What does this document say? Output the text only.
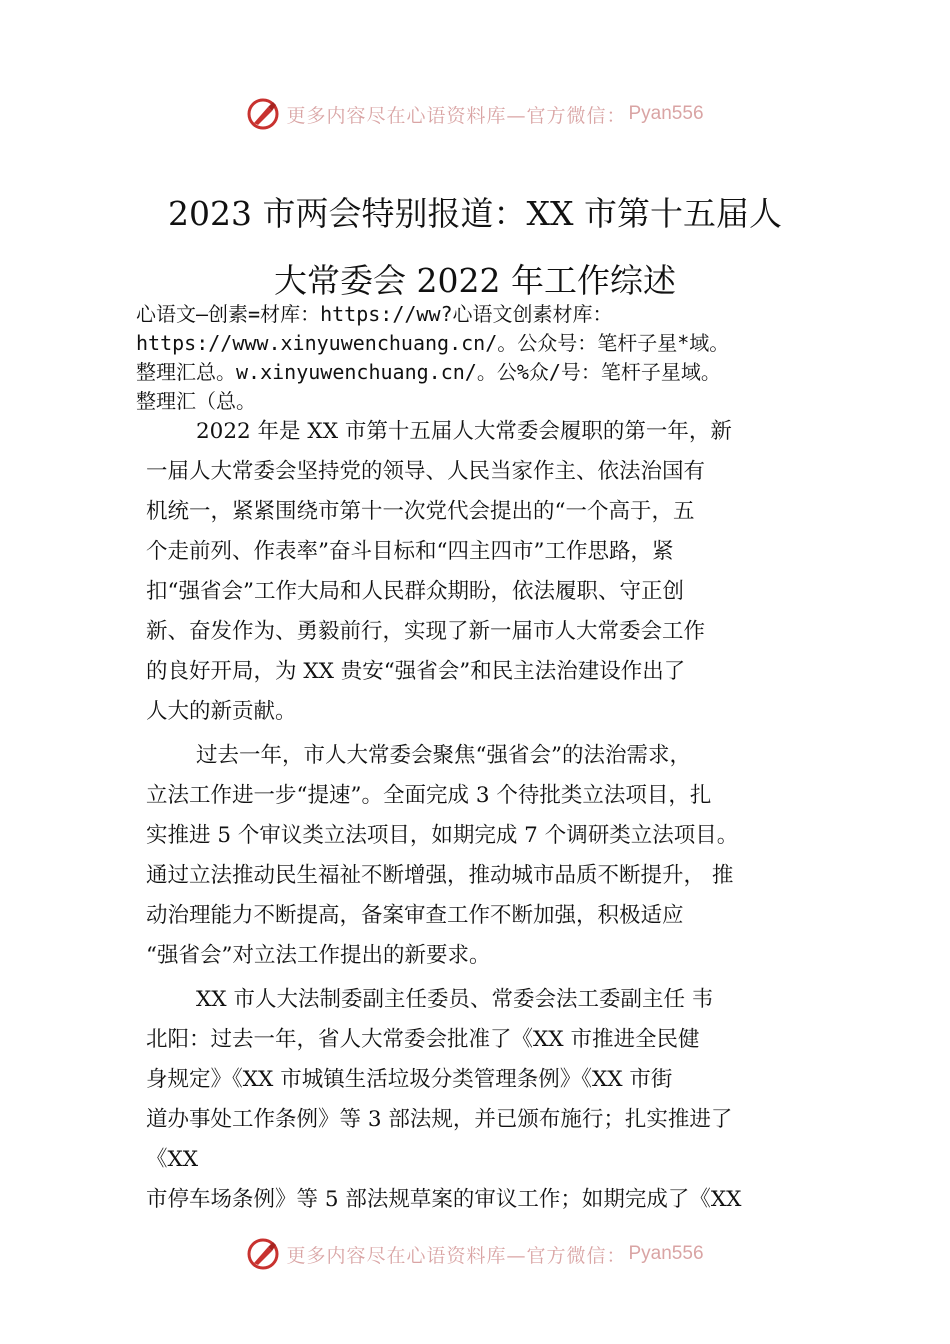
更多内容尽在心语资料库—官方微信： Pyan556
2023 市两会特别报道：XX 市第十五届人
大常委会 2022 年工作综述
心语文—创素=材库：https://ww?心语文创素材库：
https://www.xinyuwenchuang.cn/。公众号：笔杆子星*域。
整理汇总。w.xinyuwenchuang.cn/。公%众/号：笔杆子星域。
整理汇（总。
2022 年是 XX 市第十五届人大常委会履职的第一年，新
一届人大常委会坚持党的领导、人民当家作主、依法治国有
机统一，紧紧围绕市第十一次党代会提出的“一个高于，五
个走前列、作表率”奋斗目标和“四主四市”工作思路，紧
扣“强省会”工作大局和人民群众期盼，依法履职、守正创
新、奋发作为、勇毅前行，实现了新一届市人大常委会工作
的良好开局，为 XX 贵安“强省会”和民主法治建设作出了
人大的新贡献。
过去一年，市人大常委会聚焦“强省会”的法治需求，
立法工作进一步“提速”。全面完成 3 个待批类立法项目，扎
实推进 5 个审议类立法项目，如期完成 7 个调研类立法项目。
通过立法推动民生福祉不断增强，推动城市品质不断提升， 推
动治理能力不断提高，备案审查工作不断加强，积极适应
“强省会”对立法工作提出的新要求。
XX 市人大法制委副主任委员、常委会法工委副主任 韦
北阳：过去一年，省人大常委会批准了《XX 市推进全民健
身规定》《XX 市城镇生活垃圾分类管理条例》《XX 市街
道办事处工作条例》等 3 部法规，并已颁布施行；扎实推进了
《XX
市停车场条例》等 5 部法规草案的审议工作；如期完成了《XX
更多内容尽在心语资料库—官方微信： Pyan556
